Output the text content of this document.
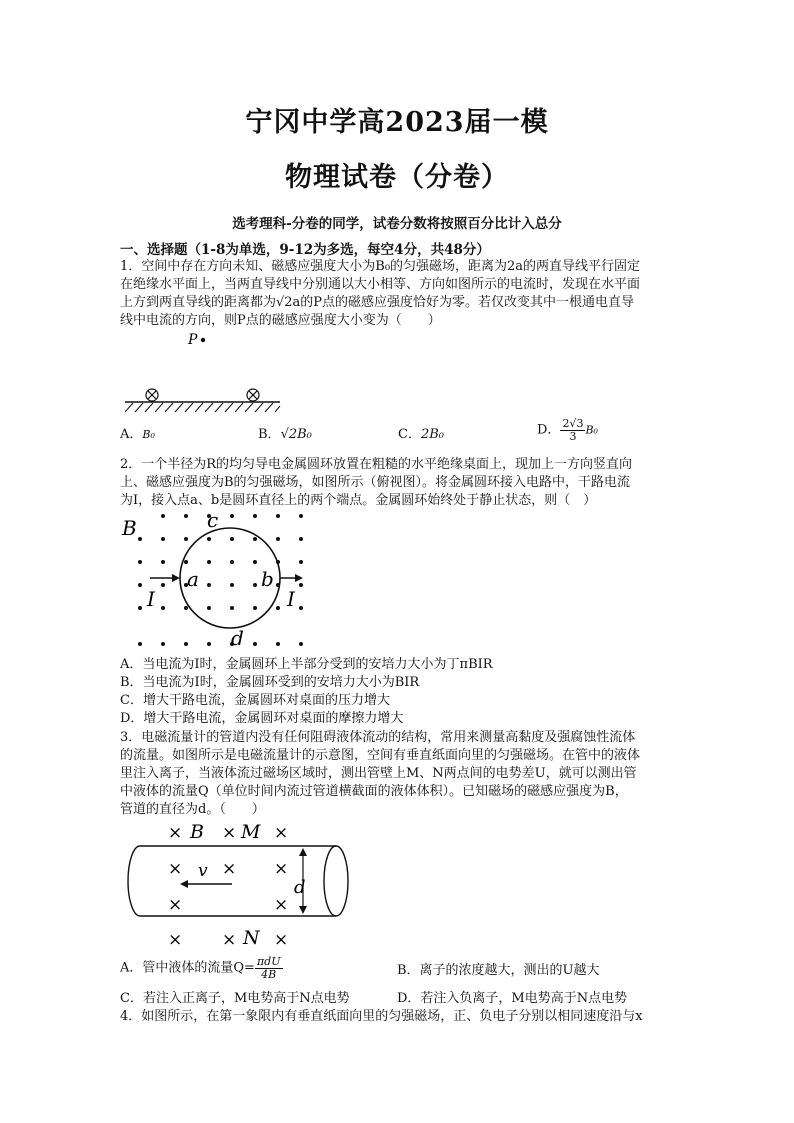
宁冈中学高2023届一模
物理试卷（分卷）
选考理科-分卷的同学，试卷分数将按照百分比计入总分
一、选择题（1-8为单选，9-12为多选，每空4分，共48分）
1．空间中存在方向未知、磁感应强度大小为B₀的匀强磁场，距离为2a的两直导线平行固定
在绝缘水平面上，当两直导线中分别通以大小相等、方向如图所示的电流时，发现在水平面
上方到两直导线的距离都为√2a的P点的磁感应强度恰好为零。若仅改变其中一根通电直导
线中电流的方向，则P点的磁感应强度大小变为（　　）
P
A．B₀	B．√2B₀	C．2B₀	D． $\frac{2√3}{3} B_0$
2．一个半径为R的均匀导电金属圆环放置在粗糙的水平绝缘桌面上，现加上一方向竖直向
上、磁感应强度为B的匀强磁场，如图所示（俯视图）。将金属圆环接入电路中，干路电流
为I，接入点a、b是圆环直径上的两个端点。金属圆环始终处于静止状态，则（　）
B	c
a	b
d
I	I
A．当电流为I时，金属圆环上半部分受到的安培力大小为丁πBIR
B．当电流为I时，金属圆环受到的安培力大小为BIR
C．增大干路电流，金属圆环对桌面的压力增大
D．增大干路电流，金属圆环对桌面的摩擦力增大
3．电磁流量计的管道内没有任何阻碍液体流动的结构，常用来测量高黏度及强腐蚀性流体
的流量。如图所示是电磁流量计的示意图，空间有垂直纸面向里的匀强磁场。在管中的液体
里注入离子，当液体流过磁场区域时，测出管壁上M、N两点间的电势差U，就可以测出管
中液体的流量Q（单位时间内流过管道横截面的液体体积）。已知磁场的磁感应强度为B，
管道的直径为d。（　　）
× × ×
× × ×
×	×
× × ×
B M
N
v
d
A．管中液体的流量$Q= \frac{\text{πdU}}{4B}$	B．离子的浓度越大，测出的U越大
C．若注入正离子，M电势高于N点电势	D．若注入负离子，M电势高于N点电势
4．如图所示，在第一象限内有垂直纸面向里的匀强磁场，正、负电子分别以相同速度沿与x
